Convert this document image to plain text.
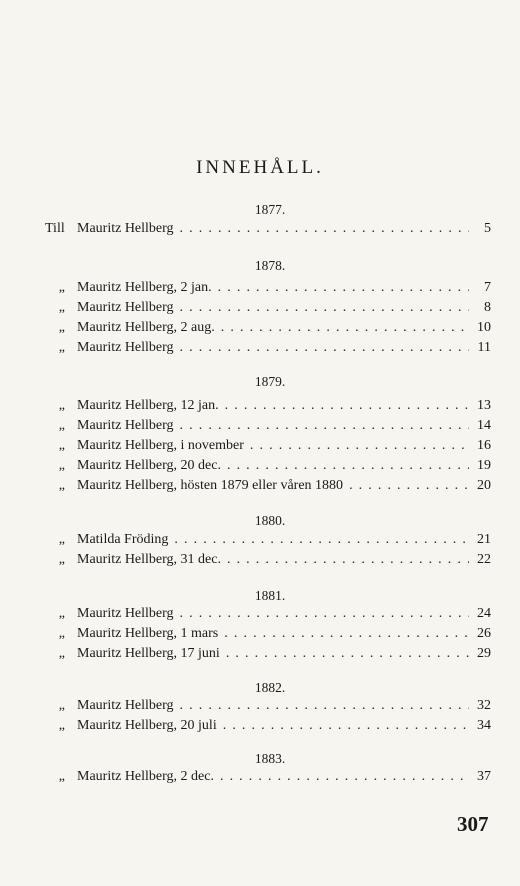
INNEHÅLL.
1877.
Till Mauritz Hellberg . . .	5
1878.
„ Mauritz Hellberg, 2 jan. . . .	7
„ Mauritz Hellberg . . .	8
„ Mauritz Hellberg, 2 aug. . . .	10
„ Mauritz Hellberg . . .	11
1879.
„ Mauritz Hellberg, 12 jan. . . .	13
„ Mauritz Hellberg . . .	14
„ Mauritz Hellberg, i november . . .	16
„ Mauritz Hellberg, 20 dec. . . .	19
„ Mauritz Hellberg, hösten 1879 eller våren 1880 . . .	20
1880.
„ Matilda Fröding . . .	21
„ Mauritz Hellberg, 31 dec. . . .	22
1881.
„ Mauritz Hellberg . . .	24
„ Mauritz Hellberg, 1 mars . . .	26
„ Mauritz Hellberg, 17 juni . . .	29
1882.
„ Mauritz Hellberg . . .	32
„ Mauritz Hellberg, 20 juli . . .	34
1883.
„ Mauritz Hellberg, 2 dec. . . .	37
307
